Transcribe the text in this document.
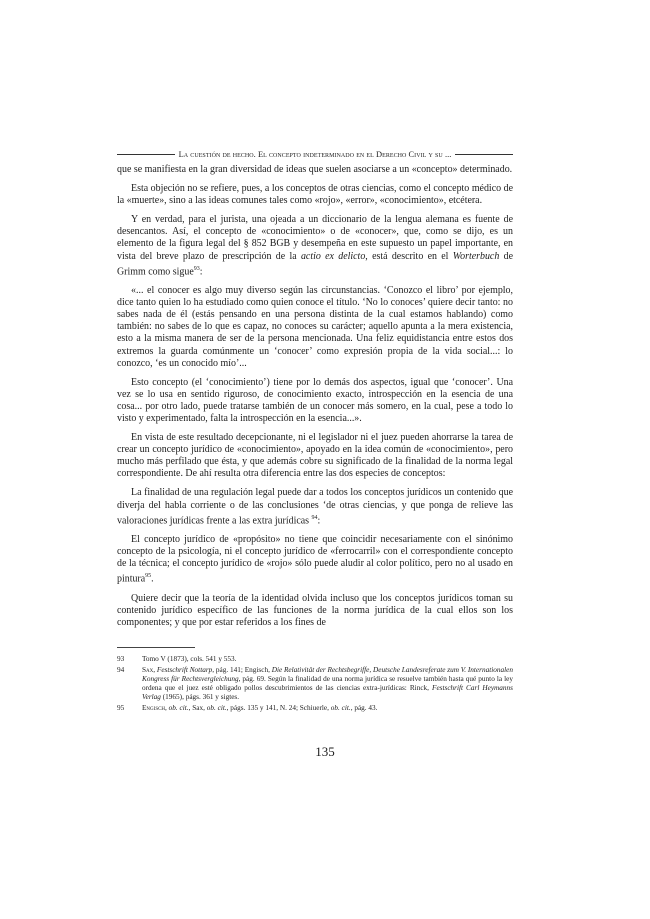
La cuestión de hecho. El concepto indeterminado en el Derecho Civil y su ...

que se manifiesta en la gran diversidad de ideas que suelen asociarse a un «concepto» determinado.

Esta objeción no se refiere, pues, a los conceptos de otras ciencias, como el concepto médico de la «muerte», sino a las ideas comunes tales como «rojo», «error», «conocimiento», etcétera.

Y en verdad, para el jurista, una ojeada a un diccionario de la lengua alemana es fuente de desencantos. Así, el concepto de «conocimiento» o de «conocer», que, como se dijo, es un elemento de la figura legal del § 852 BGB y desempeña en este supuesto un papel importante, en vista del breve plazo de prescripción de la actio ex delicto, está descrito en el Worterbuch de Grimm como sigue$^{93}$:

«... el conocer es algo muy diverso según las circunstancias. ‘Conozco el libro’ por ejemplo, dice tanto quien lo ha estudiado como quien conoce el título. ‘No lo conoces’ quiere decir tanto: no sabes nada de él (estás pensando en una persona distinta de la cual estamos hablando) como también: no sabes de lo que es capaz, no conoces su carácter; aquello apunta a la mera existencia, esto a la misma manera de ser de la persona mencionada. Una feliz equidistancia entre estos dos extremos la guarda comúnmente un ‘conocer’ como expresión propia de la vida social...: lo conozco, ‘es un conocido mío’...

Esto concepto (el ‘conocimiento’) tiene por lo demás dos aspectos, igual que ‘conocer’. Una vez se lo usa en sentido riguroso, de conocimiento exacto, introspección en la esencia de una cosa... por otro lado, puede tratarse también de un conocer más somero, en la cual, pese a todo lo visto y experimentado, falta la introspección en la esencia...».

En vista de este resultado decepcionante, ni el legislador ni el juez pueden ahorrarse la tarea de crear un concepto jurídico de «conocimiento», apoyado en la idea común de «conocimiento», pero mucho más perfilado que ésta, y que además cobre su significado de la finalidad de la norma legal correspondiente. De ahí resulta otra diferencia entre las dos especies de conceptos:

La finalidad de una regulación legal puede dar a todos los conceptos jurídicos un contenido que diverja del habla corriente o de las conclusiones ‘de otras ciencias, y que ponga de relieve las valoraciones jurídicas frente a las extra jurídicas $^{94}$:

El concepto jurídico de «propósito» no tiene que coincidir necesariamente con el sinónimo concepto de la psicología, ni el concepto jurídico de «ferrocarril» con el correspondiente concepto de la técnica; el concepto jurídico de «rojo» sólo puede aludir al color político, pero no al usado en pintura$^{95}$.

Quiere decir que la teoría de la identidad olvida incluso que los conceptos jurídicos toman su contenido jurídico específico de las funciones de la norma jurídica de la cual ellos son los componentes; y que por estar referidos a los fines de

93	Tomo V (1873), cols. 541 y 553.
94	Sax, Festschrift Nottarp, pág. 141; Engisch, Die Relativität der Rechtsbegriffe, Deutsche Landesreferate zum V. Internationalen Kongress für Rechtsvergleichung, pág. 69. Según la finalidad de una norma jurídica se resuelve también hasta qué punto la ley ordena que el juez esté obligado pollos descubrimientos de las ciencias extra-jurídicas: Rinck, Festschrift Carl Heymanns Verlag (1965), págs. 361 y sigtes.
95	Engisch, ob. cit., Sax, ob. cit., págs. 135 y 141, N. 24; Schiuerle, ob. cit., pág. 43.
135
